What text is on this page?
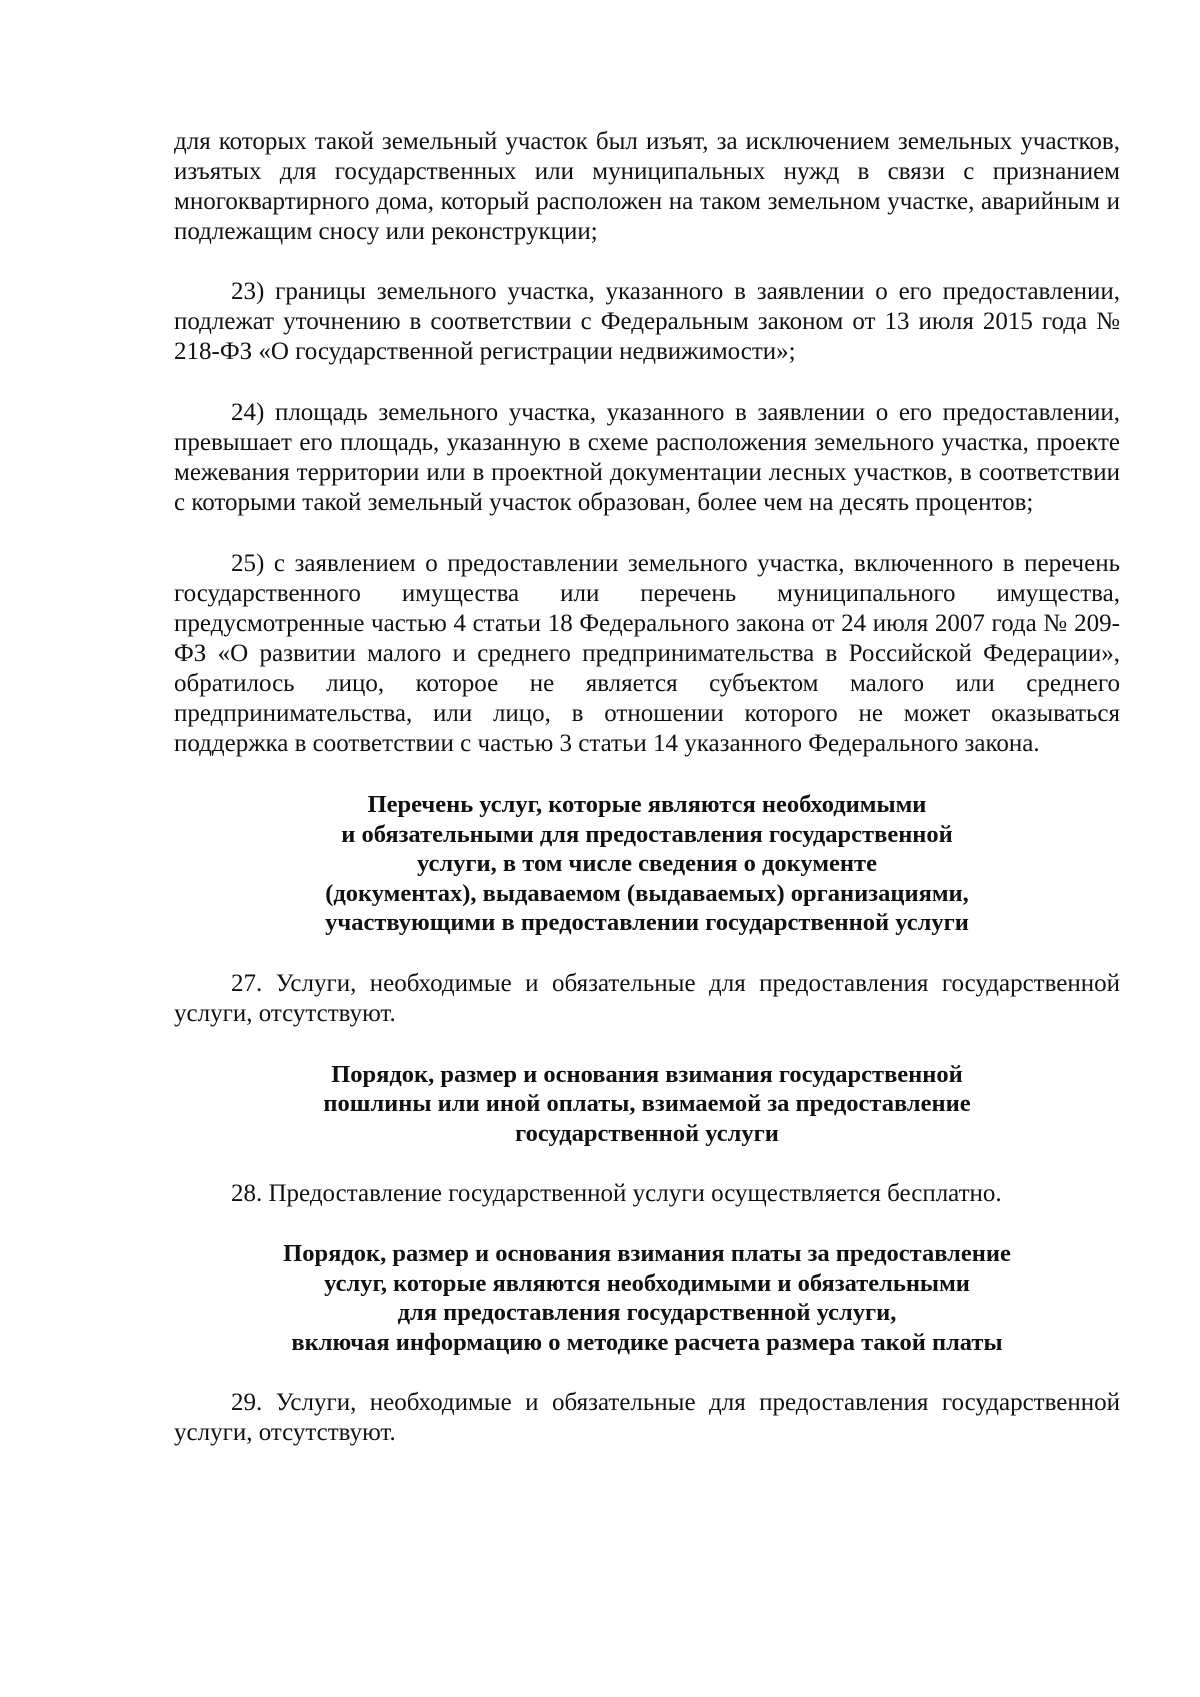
для которых такой земельный участок был изъят, за исключением земельных участков, изъятых для государственных или муниципальных нужд в связи с признанием многоквартирного дома, который расположен на таком земельном участке, аварийным и подлежащим сносу или реконструкции;

23) границы земельного участка, указанного в заявлении о его предоставлении, подлежат уточнению в соответствии с Федеральным законом от 13 июля 2015 года № 218-ФЗ «О государственной регистрации недвижимости»;

24) площадь земельного участка, указанного в заявлении о его предоставлении, превышает его площадь, указанную в схеме расположения земельного участка, проекте межевания территории или в проектной документации лесных участков, в соответствии с которыми такой земельный участок образован, более чем на десять процентов;

25) с заявлением о предоставлении земельного участка, включенного в перечень государственного имущества или перечень муниципального имущества, предусмотренные частью 4 статьи 18 Федерального закона от 24 июля 2007 года № 209-ФЗ «О развитии малого и среднего предпринимательства в Российской Федерации», обратилось лицо, которое не является субъектом малого или среднего предпринимательства, или лицо, в отношении которого не может оказываться поддержка в соответствии с частью 3 статьи 14 указанного Федерального закона.

Перечень услуг, которые являются необходимыми
и обязательными для предоставления государственной
услуги, в том числе сведения о документе
(документах), выдаваемом (выдаваемых) организациями,
участвующими в предоставлении государственной услуги

27. Услуги, необходимые и обязательные для предоставления государственной услуги, отсутствуют.

Порядок, размер и основания взимания государственной
пошлины или иной оплаты, взимаемой за предоставление
государственной услуги

28. Предоставление государственной услуги осуществляется бесплатно.

Порядок, размер и основания взимания платы за предоставление
услуг, которые являются необходимыми и обязательными
для предоставления государственной услуги,
включая информацию о методике расчета размера такой платы

29. Услуги, необходимые и обязательные для предоставления государственной услуги, отсутствуют.
